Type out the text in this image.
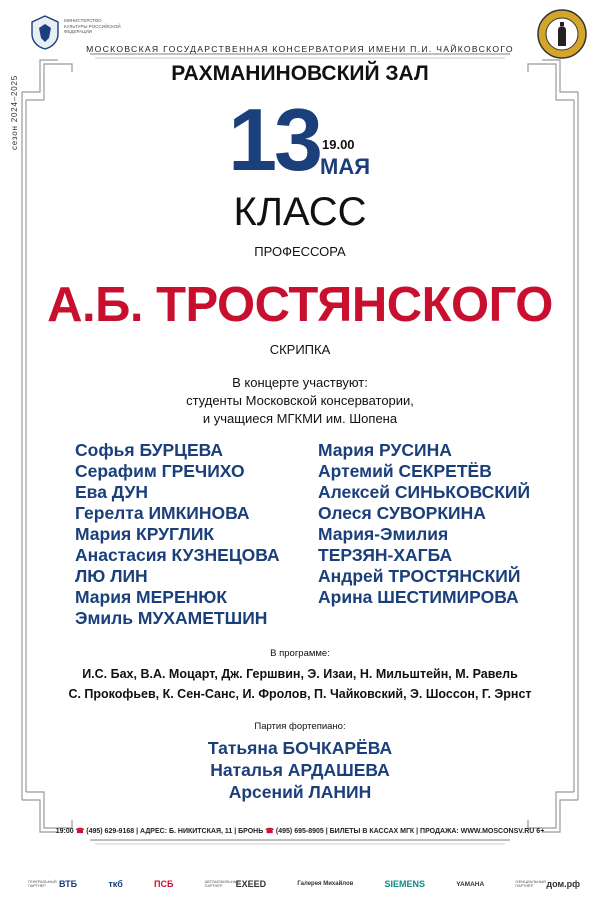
МИНИСТЕРСТВО КУЛЬТУРЫ РОССИЙСКОЙ ФЕДЕРАЦИИ
сезон 2024–2025
МОСКОВСКАЯ ГОСУДАРСТВЕННАЯ КОНСЕРВАТОРИЯ ИМЕНИ П.И. ЧАЙКОВСКОГО
РАХМАНИНОВСКИЙ ЗАЛ
13 19.00
МАЯ
КЛАСС
ПРОФЕССОРА
А.Б. ТРОСТЯНСКОГО
СКРИПКА
В концерте участвуют:
студенты Московской консерватории,
и учащиеся МГКМИ им. Шопена
Софья БУРЦЕВА
Серафим ГРЕЧИХО
Ева ДУН
Герелта ИМКИНОВА
Мария КРУГЛИК
Анастасия КУЗНЕЦОВА
ЛЮ ЛИН
Мария МЕРЕНЮК
Эмиль МУХАМЕТШИН
Мария РУСИНА
Артемий СЕКРЕТЁВ
Алексей СИНЬКОВСКИЙ
Олеся СУВОРКИНА
Мария-Эмилия
ТЕРЗЯН-ХАГБА
Андрей ТРОСТЯНСКИЙ
Арина ШЕСТИМИРОВА
В программе:
И.С. Бах, В.А. Моцарт, Дж. Гершвин, Э. Изаи, Н. Мильштейн, М. Равель
С. Прокофьев, К. Сен-Санс, И. Фролов, П. Чайковский, Э. Шоссон, Г. Эрнст
Партия фортепиано:
Татьяна БОЧКАРЁВА
Наталья АРДАШЕВА
Арсений ЛАНИН
19:00 ☎ (495) 629-9168 | АДРЕС: Б. НИКИТСКАЯ, 11 | БРОНЬ ☎ (495) 695-8905 | БИЛЕТЫ В КАССАХ МГК | ПРОДАЖА: WWW.MOSCONSV.RU 6+
ГЕНЕРАЛЬНЫЙ ПАРТНЁР	ВТБ	ткб	ПСБ	АВТОМОБИЛЬНЫЙ ПАРТНЁР	EXEED	Галерея Михайлов	SIEMENS	YAMAHA	ОФИЦИАЛЬНЫЙ ПАРТНЁР	дом.рф
